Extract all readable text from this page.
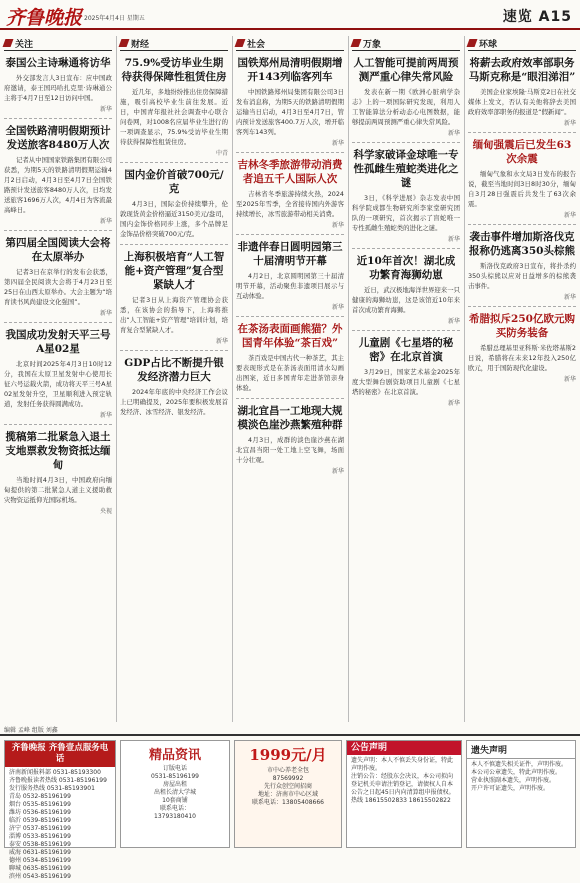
齐鲁晚报 2025年4月4日 星期五	速览 A15
关注
泰国公主诗琳通将访华
外交部发言人3日宣布：应中国政府邀请，泰王国玛哈扎克里·诗琳通公主将于4月7日至12日访问中国。
新华
全国铁路清明假期预计发送旅客8480万人次
记者从中国国家铁路集团有限公司获悉，为期5天的铁路清明假期运输4月2日启动，4月3日至4月7日全国铁路预计发送旅客8480万人次，日均发送旅客1696万人次，4月4日为客流最高峰日。
新华
第四届全国阅读大会将在太原举办
记者3日在京举行的发布会获悉，第四届全民阅读大会将于4月23日至25日在山西太原举办。大会主题为“培育读书风尚建设文化强国”。
新华
我国成功发射天平三号A星02星
北京时间2025年4月3日10时12分，我国在太原卫星发射中心使用长征六号运载火箭，成功将天平三号A星02星发射升空，卫星顺利进入预定轨道，发射任务获得圆满成功。
新华
揽稿第二批紧急入退土支地票救发物资抵达缅甸
当地时间4月3日，中国政府向缅甸提供的第二批紧急人道主义援助救灾物资运抵仰光国际机场。
央视
财经
75.9%受访毕业生期待获得保障性租赁住房
近几年，多地纷纷推出住房保障措施，吸引高校毕业生前往发展。近日，中国青年报社社会调查中心联合问卷网，对1008名应届毕业生进行的一项调查显示，75.9%受访毕业生期待获得保障性租赁住房。
中青
国内金价首破700元/克
4月3日，国际金价持续攀升，伦敦现货黄金价格逼近3150美元/盎司，国内金饰价格同步上涨，多个品牌足金饰品价格突破700元/克。
上海积极培育“人工智能+资产管理”复合型紧缺人才
记者3日从上海资产管理协会获悉，在该协会的指导下，上海将推出“人工智能+资产管理”培训计划，培育复合型紧缺人才。
新华
GDP占比不断提升银发经济潜力巨大
2024年年底的中央经济工作会议上已明确提及，2025年要积极发展首发经济、冰雪经济、银发经济。
社会
国铁郑州局清明假期增开143列临客列车
中国铁路郑州局集团有限公司3日发布消息称，为期5天的铁路清明假期运输当日启动，4月3日至4月7日，管内预计发送旅客400.7万人次，增开临客列车143列。
新华
吉林冬季旅游带动消费者追五千人国际人次
吉林省冬季旅游持续火热，2024至2025年雪季，全省接待国内外游客持续增长，冰雪旅游带动相关消费。
新华
非遗伴春日圆明园第三十届清明节开幕
4月2日，北京圆明园第三十届清明节开幕，活动聚焦非遗项目展示与互动体验。
新华
在茶汤表面画熊猫？外国青年体验“茶百戏”
茶百戏是中国古代一种茶艺，其主要表现形式是在茶汤表面用清水勾画出图案，近日多国青年走进茶馆亲身体验。
湖北宜昌一工地现大规模淡色崖沙燕繁殖种群
4月3日，成群的淡色崖沙燕在湖北宜昌当阳一处工地上空飞舞，场面十分壮观。
新华
万象
人工智能可提前两周预测严重心律失常风险
发表在新一期《欧洲心脏病学杂志》上的一项国际研究发现，利用人工智能算法分析动态心电图数据，能够提前两周预测严重心律失常风险。
新华
科学家破译金球唯一专性孤雌生殖蛇类进化之谜
3日，《科学进展》杂志发表中国科学院成都生物研究所李家堂研究团队的一项研究，首次揭示了盲蛇唯一专性孤雌生殖蛇类的进化之谜。
新华
近10年首次！湖北成功繁育海狮幼崽
近日，武汉极地海洋世界迎来一只健康的海狮幼崽，这是该馆近10年来首次成功繁育海狮。
新华
儿童剧《七星塔的秘密》在北京首演
3月29日，国家艺术基金2025年度大型舞台剧资助项目儿童剧《七星塔的秘密》在北京首演。
新华
环球
将薪去政府效率部职务马斯克称是“眼泪涕泪”
美国企业家埃隆·马斯克2日在社交媒体上发文，否认有关他将辞去美国政府效率部职务的报道是“假新闻”。
新华
缅甸强震后已发生63次余震
缅甸气象和水文局3日发布的报告说，截至当地时间3日8时30分，缅甸自3月28日强震后共发生了63次余震。
新华
袭击事件增加斯洛伐克报称仍逃离350头棕熊
斯洛伐克政府3日宣布，将扑杀约350头棕熊以应对日益增多的棕熊袭击事件。
新华
希腊拟斥250亿欧元购买防务装备
希腊总理基里亚科斯·米佐塔基斯2日说，希腊将在未来12年投入250亿欧元，用于国防现代化建设。
新华
编辑 孟峰 组版 刘鑫
齐鲁晚报 齐鲁壹点服务电话
济南新闻报料部 0531-85193300
齐鲁晚报读者热线 0531-85196199
发行服务热线 0531-85193901
青岛 0532-85196199
烟台 0535-85196199
潍坊 0536-85196199
临沂 0539-85196199
济宁 0537-85196199
淄博 0533-85196199
泰安 0538-85196199
威海 0631-85196199
德州 0534-85196199
聊城 0635-85196199
滨州 0543-85196199
精品资讯
订版电话
0531-85196199
房屋出租
出租长清大学城
10套商铺
联系电话：
13793180410
1999元/月
市中心养老全包
87569992
先行众创空间招商
地址：济南市中心区域
联系电话：13805408666
公告声明
遗失声明：本人不慎丢失身份证，特此声明作废。
注销公告：经股东会决议，本公司拟向登记机关申请注销登记，请债权人自本公告之日起45日内向清算组申报债权。
热线 18615502833 18615502822
遗失声明
本人不慎遗失相关证件，声明作废。
本公司公章遗失，特此声明作废。
营业执照副本遗失，声明作废。
开户许可证遗失，声明作废。
